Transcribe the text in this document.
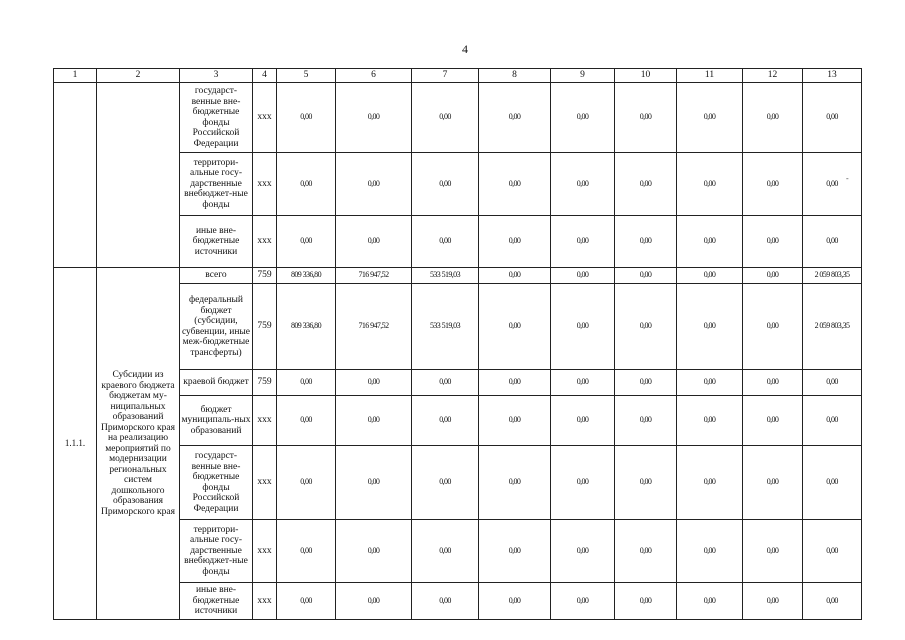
4
-
1	2	3	4	5	6	7	8	9	10	11	12	13
		государст-венные вне-бюджетные фонды Российской Федерации	xxx	0,00	0,00	0,00	0,00	0,00	0,00	0,00	0,00	0,00
		территори-альные госу-дарственные внебюджет-ные фонды	xxx	0,00	0,00	0,00	0,00	0,00	0,00	0,00	0,00	0,00
		иные вне-бюджетные источники	xxx	0,00	0,00	0,00	0,00	0,00	0,00	0,00	0,00	0,00
1.1.1.	Субсидии из краевого бюджета бюджетам му-ниципальных образований Приморского края на реализацию мероприятий по модернизации региональных систем дошкольного образования Приморского края	всего	759	809 336,80	716 947,52	533 519,03	0,00	0,00	0,00	0,00	0,00	2 059 803,35
		федеральный бюджет (субсидии, субвенции, иные меж-бюджетные трансферты)	759	809 336,80	716 947,52	533 519,03	0,00	0,00	0,00	0,00	0,00	2 059 803,35
		краевой бюджет	759	0,00	0,00	0,00	0,00	0,00	0,00	0,00	0,00	0,00
		бюджет муниципаль-ных образований	xxx	0,00	0,00	0,00	0,00	0,00	0,00	0,00	0,00	0,00
		государст-венные вне-бюджетные фонды Российской Федерации	xxx	0,00	0,00	0,00	0,00	0,00	0,00	0,00	0,00	0,00
		территори-альные госу-дарственные внебюджет-ные фонды	xxx	0,00	0,00	0,00	0,00	0,00	0,00	0,00	0,00	0,00
		иные вне-бюджетные источники	xxx	0,00	0,00	0,00	0,00	0,00	0,00	0,00	0,00	0,00
